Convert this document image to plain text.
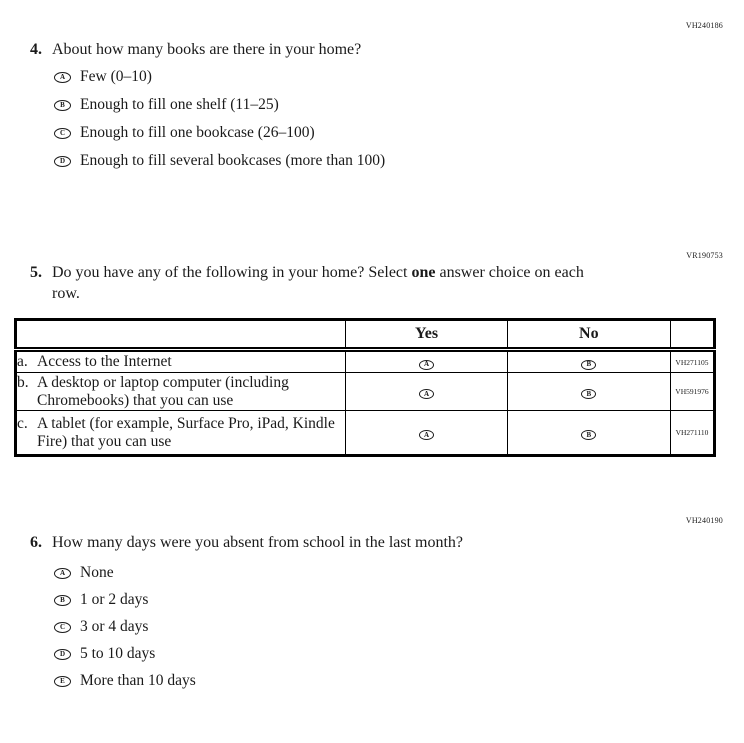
VH240186
4. About how many books are there in your home?
A Few (0–10)
B Enough to fill one shelf (11–25)
C Enough to fill one bookcase (26–100)
D Enough to fill several bookcases (more than 100)
VR190753
5. Do you have any of the following in your home? Select one answer choice on each
row.
	Yes	No	

a. Access to the Internet	A	B	VH271105

b. A desktop or laptop computer (including Chromebooks) that you can use	A	B	VH591976

c. A tablet (for example, Surface Pro, iPad, Kindle Fire) that you can use	A	B	VH271110
VH240190
6. How many days were you absent from school in the last month?
A None
B 1 or 2 days
C 3 or 4 days
D 5 to 10 days
E More than 10 days
